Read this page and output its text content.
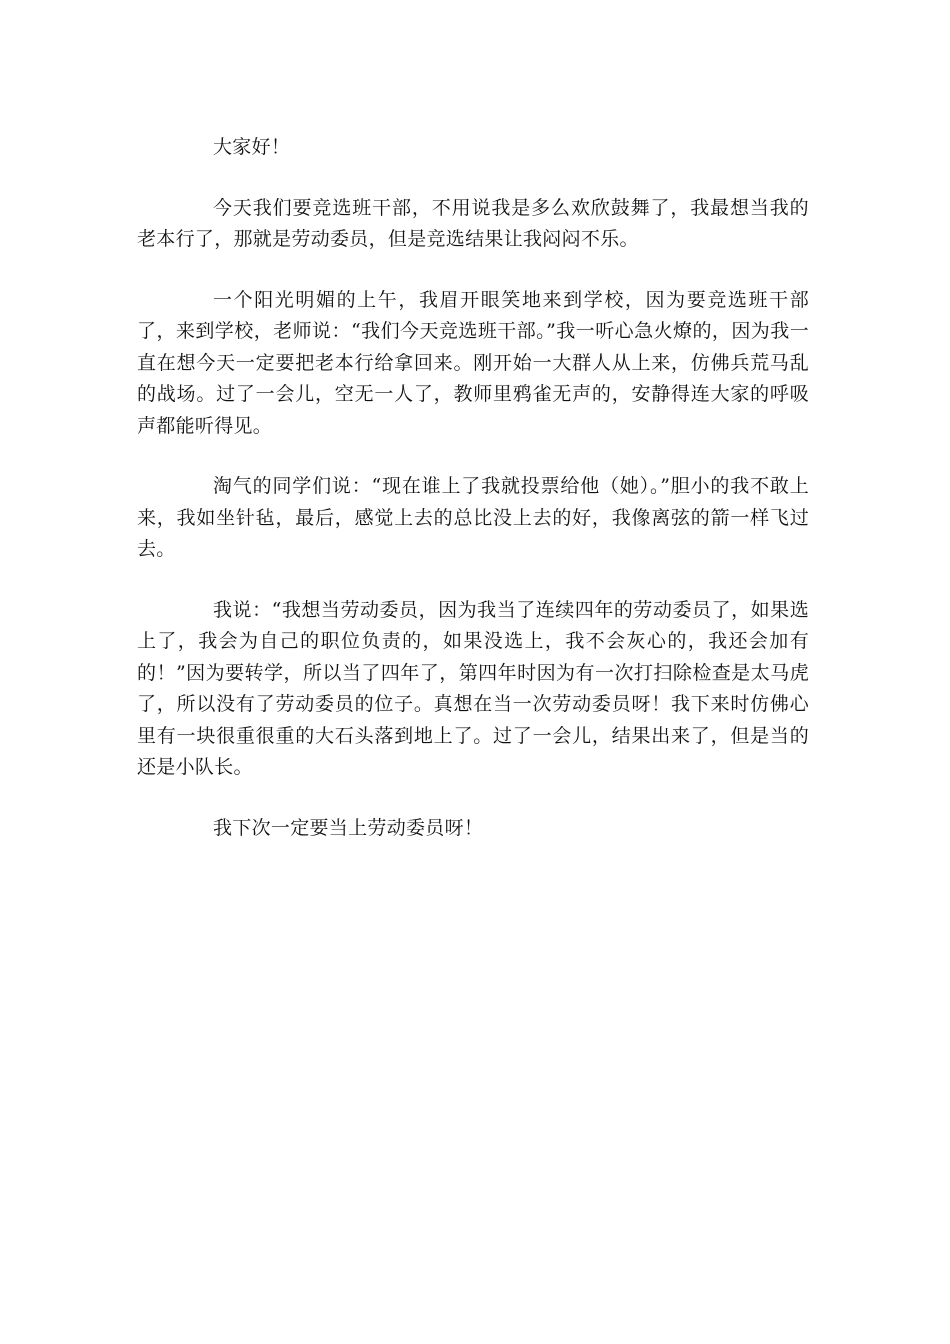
大家好！

今天我们要竞选班干部，不用说我是多么欢欣鼓舞了，我最想当我的老本行了，那就是劳动委员，但是竞选结果让我闷闷不乐。

一个阳光明媚的上午，我眉开眼笑地来到学校，因为要竞选班干部了，来到学校，老师说：“我们今天竞选班干部。”我一听心急火燎的，因为我一直在想今天一定要把老本行给拿回来。刚开始一大群人从上来，仿佛兵荒马乱的战场。过了一会儿，空无一人了，教师里鸦雀无声的，安静得连大家的呼吸声都能听得见。

淘气的同学们说：“现在谁上了我就投票给他（她）。”胆小的我不敢上来，我如坐针毡，最后，感觉上去的总比没上去的好，我像离弦的箭一样飞过去。

我说：“我想当劳动委员，因为我当了连续四年的劳动委员了，如果选上了，我会为自己的职位负责的，如果没选上，我不会灰心的，我还会加有的！”因为要转学，所以当了四年了，第四年时因为有一次打扫除检查是太马虎了，所以没有了劳动委员的位子。真想在当一次劳动委员呀！我下来时仿佛心里有一块很重很重的大石头落到地上了。过了一会儿，结果出来了，但是当的还是小队长。

我下次一定要当上劳动委员呀！
